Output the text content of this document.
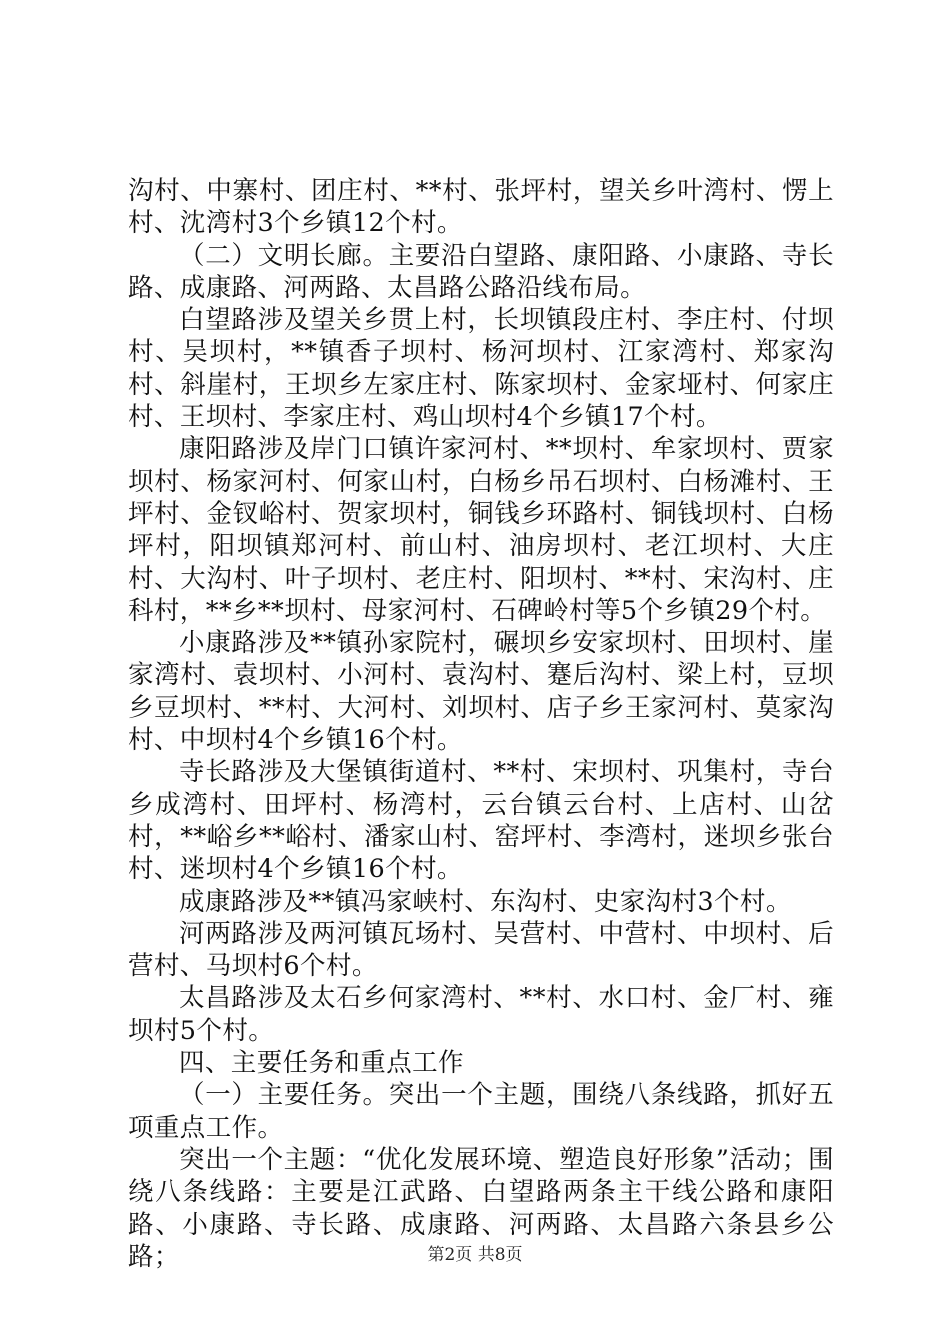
沟村、中寨村、团庄村、**村、张坪村，望关乡叶湾村、愣上村、沈湾村3个乡镇12个村。

（二）文明长廊。主要沿白望路、康阳路、小康路、寺长路、成康路、河两路、太昌路公路沿线布局。

白望路涉及望关乡贯上村，长坝镇段庄村、李庄村、付坝村、吴坝村，**镇香子坝村、杨河坝村、江家湾村、郑家沟村、斜崖村，王坝乡左家庄村、陈家坝村、金家垭村、何家庄村、王坝村、李家庄村、鸡山坝村4个乡镇17个村。

康阳路涉及岸门口镇许家河村、**坝村、牟家坝村、贾家坝村、杨家河村、何家山村，白杨乡吊石坝村、白杨滩村、王坪村、金钗峪村、贺家坝村，铜钱乡环路村、铜钱坝村、白杨坪村，阳坝镇郑河村、前山村、油房坝村、老江坝村、大庄村、大沟村、叶子坝村、老庄村、阳坝村、**村、宋沟村、庄科村，**乡**坝村、母家河村、石碑岭村等5个乡镇29个村。

小康路涉及**镇孙家院村，碾坝乡安家坝村、田坝村、崖家湾村、袁坝村、小河村、袁沟村、蹇后沟村、梁上村，豆坝乡豆坝村、**村、大河村、刘坝村、店子乡王家河村、莫家沟村、中坝村4个乡镇16个村。

寺长路涉及大堡镇街道村、**村、宋坝村、巩集村，寺台乡成湾村、田坪村、杨湾村，云台镇云台村、上店村、山岔村，**峪乡**峪村、潘家山村、窑坪村、李湾村，迷坝乡张台村、迷坝村4个乡镇16个村。

成康路涉及**镇冯家峡村、东沟村、史家沟村3个村。

河两路涉及两河镇瓦场村、吴营村、中营村、中坝村、后营村、马坝村6个村。

太昌路涉及太石乡何家湾村、**村、水口村、金厂村、雍坝村5个村。

四、主要任务和重点工作

（一）主要任务。突出一个主题，围绕八条线路，抓好五项重点工作。

突出一个主题：“优化发展环境、塑造良好形象”活动；围绕八条线路：主要是江武路、白望路两条主干线公路和康阳路、小康路、寺长路、成康路、河两路、太昌路六条县乡公路；	第2页 共8页
